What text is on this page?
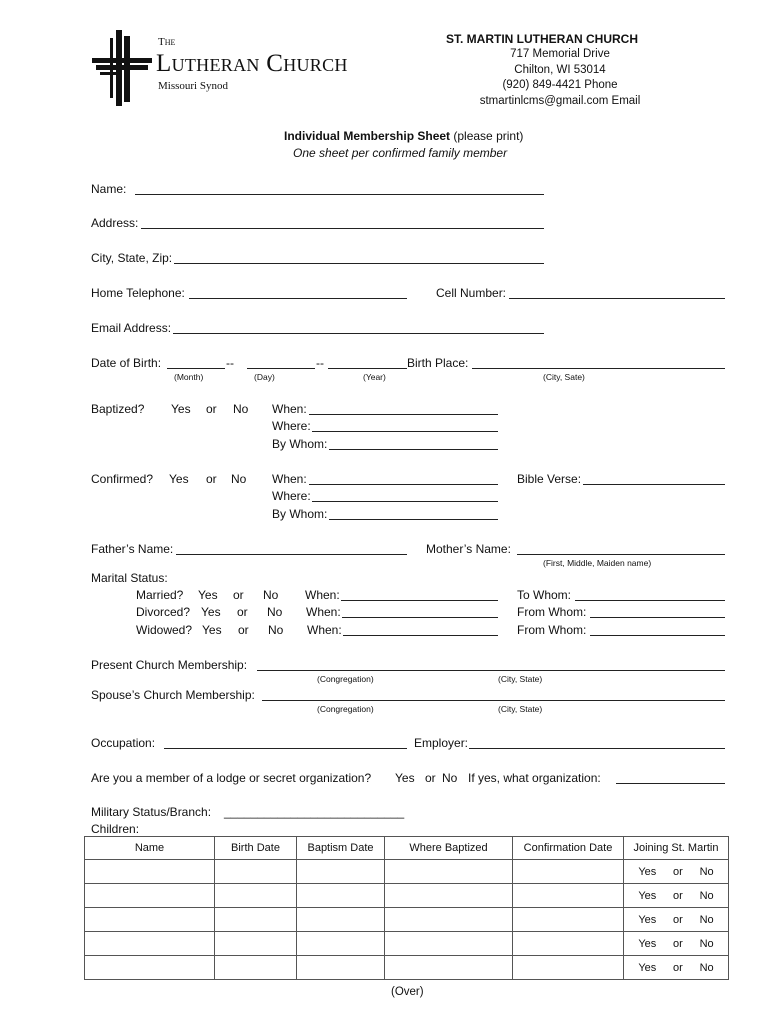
The
Lutheran Church
Missouri Synod
ST. MARTIN LUTHERAN CHURCH
717 Memorial Drive
Chilton, WI 53014
(920) 849-4421 Phone
stmartinlcms@gmail.com Email
Individual Membership Sheet (please print)
One sheet per confirmed family member
Name:
Address:
City, State, Zip:
Home Telephone:	Cell Number:
Email Address:
Date of Birth:	--	--	Birth Place:
(Month)	(Day)	(Year)	(City, Sate)
Baptized? Yes or No When:
Where:
By Whom:
Confirmed? Yes or No When:	Bible Verse:
Where:
By Whom:
Father’s Name:	Mother’s Name:
(First, Middle, Maiden name)
Marital Status:
Married? Yes or No When:	To Whom:
Divorced? Yes or No When:	From Whom:
Widowed? Yes or No When:	From Whom:
Present Church Membership:
(Congregation)	(City, State)
Spouse’s Church Membership:
(Congregation)	(City, State)
Occupation:	Employer:
Are you a member of a lodge or secret organization? Yes or No If yes, what organization:
Military Status/Branch: ___________________________
Children:
Name	Birth Date	Baptism Date	Where Baptized	Confirmation Date	Joining St. Martin

					Yes or No

					Yes or No

					Yes or No

					Yes or No

					Yes or No
(Over)
